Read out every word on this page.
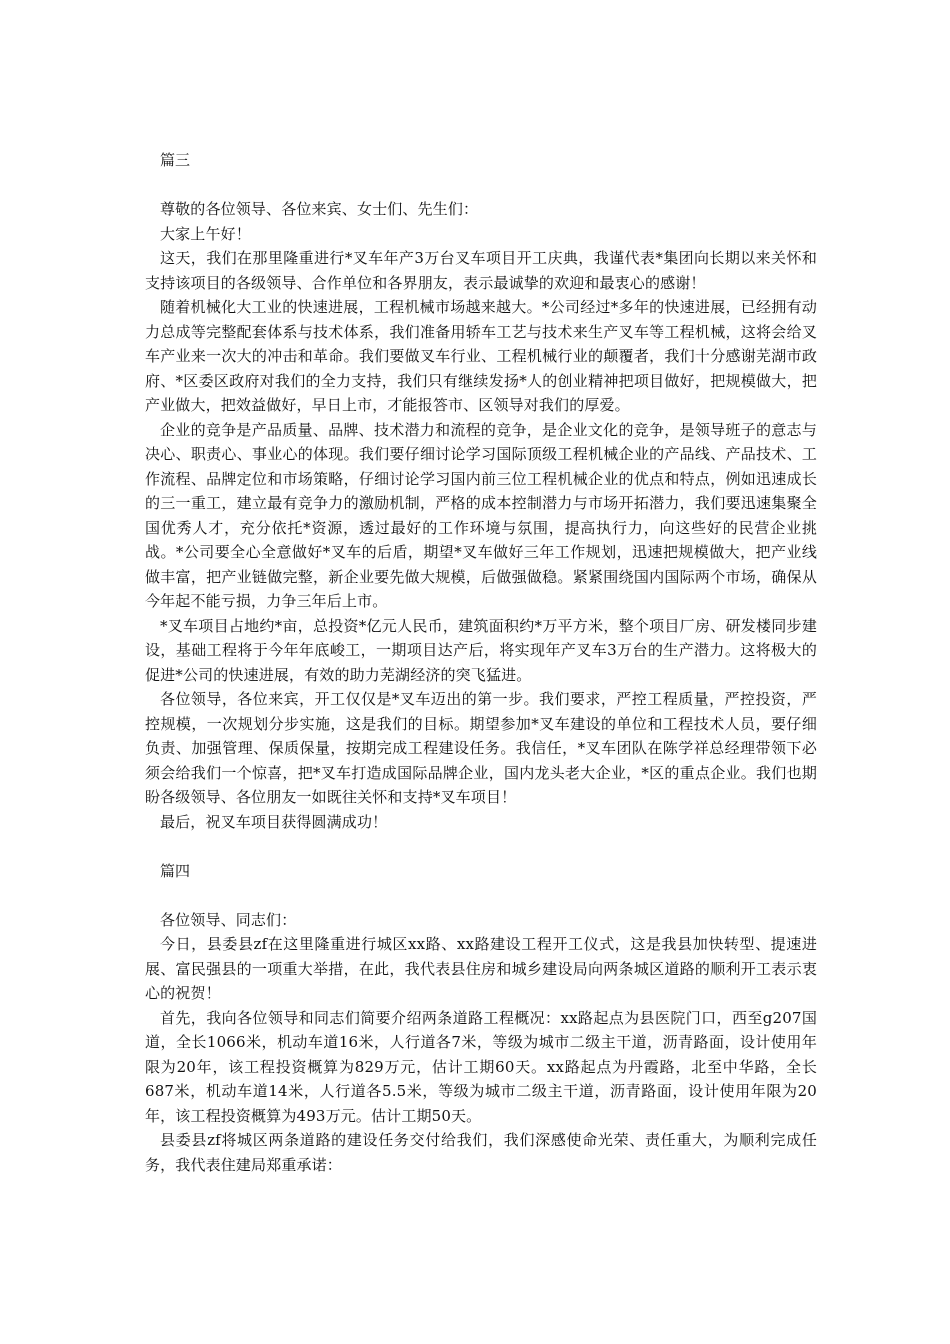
篇三

尊敬的各位领导、各位来宾、女士们、先生们：

大家上午好！

这天，我们在那里隆重进行*叉车年产3万台叉车项目开工庆典，我谨代表*集团向长期以来关怀和支持该项目的各级领导、合作单位和各界朋友，表示最诚挚的欢迎和最衷心的感谢！

随着机械化大工业的快速进展，工程机械市场越来越大。*公司经过*多年的快速进展，已经拥有动力总成等完整配套体系与技术体系，我们准备用轿车工艺与技术来生产叉车等工程机械，这将会给叉车产业来一次大的冲击和革命。我们要做叉车行业、工程机械行业的颠覆者，我们十分感谢芜湖市政府、*区委区政府对我们的全力支持，我们只有继续发扬*人的创业精神把项目做好，把规模做大，把产业做大，把效益做好，早日上市，才能报答市、区领导对我们的厚爱。

企业的竞争是产品质量、品牌、技术潜力和流程的竞争，是企业文化的竞争，是领导班子的意志与决心、职责心、事业心的体现。我们要仔细讨论学习国际顶级工程机械企业的产品线、产品技术、工作流程、品牌定位和市场策略，仔细讨论学习国内前三位工程机械企业的优点和特点，例如迅速成长的三一重工，建立最有竞争力的激励机制，严格的成本控制潜力与市场开拓潜力，我们要迅速集聚全国优秀人才，充分依托*资源，透过最好的工作环境与氛围，提高执行力，向这些好的民营企业挑战。*公司要全心全意做好*叉车的后盾，期望*叉车做好三年工作规划，迅速把规模做大，把产业线做丰富，把产业链做完整，新企业要先做大规模，后做强做稳。紧紧围绕国内国际两个市场，确保从今年起不能亏损，力争三年后上市。

*叉车项目占地约*亩，总投资*亿元人民币，建筑面积约*万平方米，整个项目厂房、研发楼同步建设，基础工程将于今年年底峻工，一期项目达产后，将实现年产叉车3万台的生产潜力。这将极大的促进*公司的快速进展，有效的助力芜湖经济的突飞猛进。

各位领导，各位来宾，开工仅仅是*叉车迈出的第一步。我们要求，严控工程质量，严控投资，严控规模，一次规划分步实施，这是我们的目标。期望参加*叉车建设的单位和工程技术人员，要仔细负责、加强管理、保质保量，按期完成工程建设任务。我信任，*叉车团队在陈学祥总经理带领下必须会给我们一个惊喜，把*叉车打造成国际品牌企业，国内龙头老大企业，*区的重点企业。我们也期盼各级领导、各位朋友一如既往关怀和支持*叉车项目！

最后，祝叉车项目获得圆满成功！

篇四

各位领导、同志们：

今日，县委县zf在这里隆重进行城区xx路、xx路建设工程开工仪式，这是我县加快转型、提速进展、富民强县的一项重大举措，在此，我代表县住房和城乡建设局向两条城区道路的顺利开工表示衷心的祝贺！

首先，我向各位领导和同志们简要介绍两条道路工程概况：xx路起点为县医院门口，西至g207国道，全长1066米，机动车道16米，人行道各7米，等级为城市二级主干道，沥青路面，设计使用年限为20年，该工程投资概算为829万元，估计工期60天。xx路起点为丹霞路，北至中华路，全长687米，机动车道14米，人行道各5.5米，等级为城市二级主干道，沥青路面，设计使用年限为20年，该工程投资概算为493万元。估计工期50天。

县委县zf将城区两条道路的建设任务交付给我们，我们深感使命光荣、责任重大，为顺利完成任务，我代表住建局郑重承诺：
